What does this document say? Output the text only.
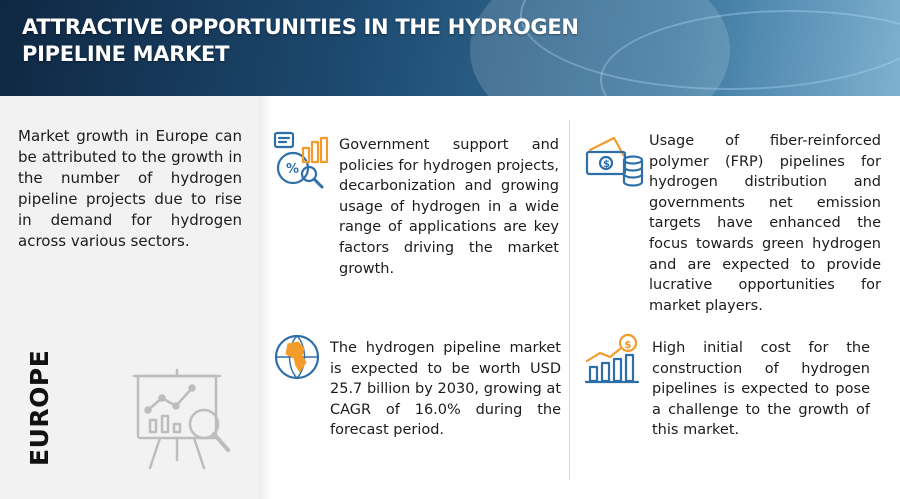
ATTRACTIVE OPPORTUNITIES IN THE HYDROGEN PIPELINE MARKET

Market growth in Europe can be attributed to the growth in the number of hydrogen pipeline projects due to rise in demand for hydrogen across various sectors.

EUROPE
%
Government support and policies for hydrogen projects, decarbonization and growing usage of hydrogen in a wide range of applications are key factors driving the market growth.
$
Usage of fiber-reinforced polymer (FRP) pipelines for hydrogen distribution and governments net emission targets have enhanced the focus towards green hydrogen and are expected to provide lucrative opportunities for market players.
The hydrogen pipeline market is expected to be worth USD 25.7 billion by 2030, growing at CAGR of 16.0% during the forecast period.
$ High initial cost for the construction of hydrogen pipelines is expected to pose a challenge to the growth of this market.
